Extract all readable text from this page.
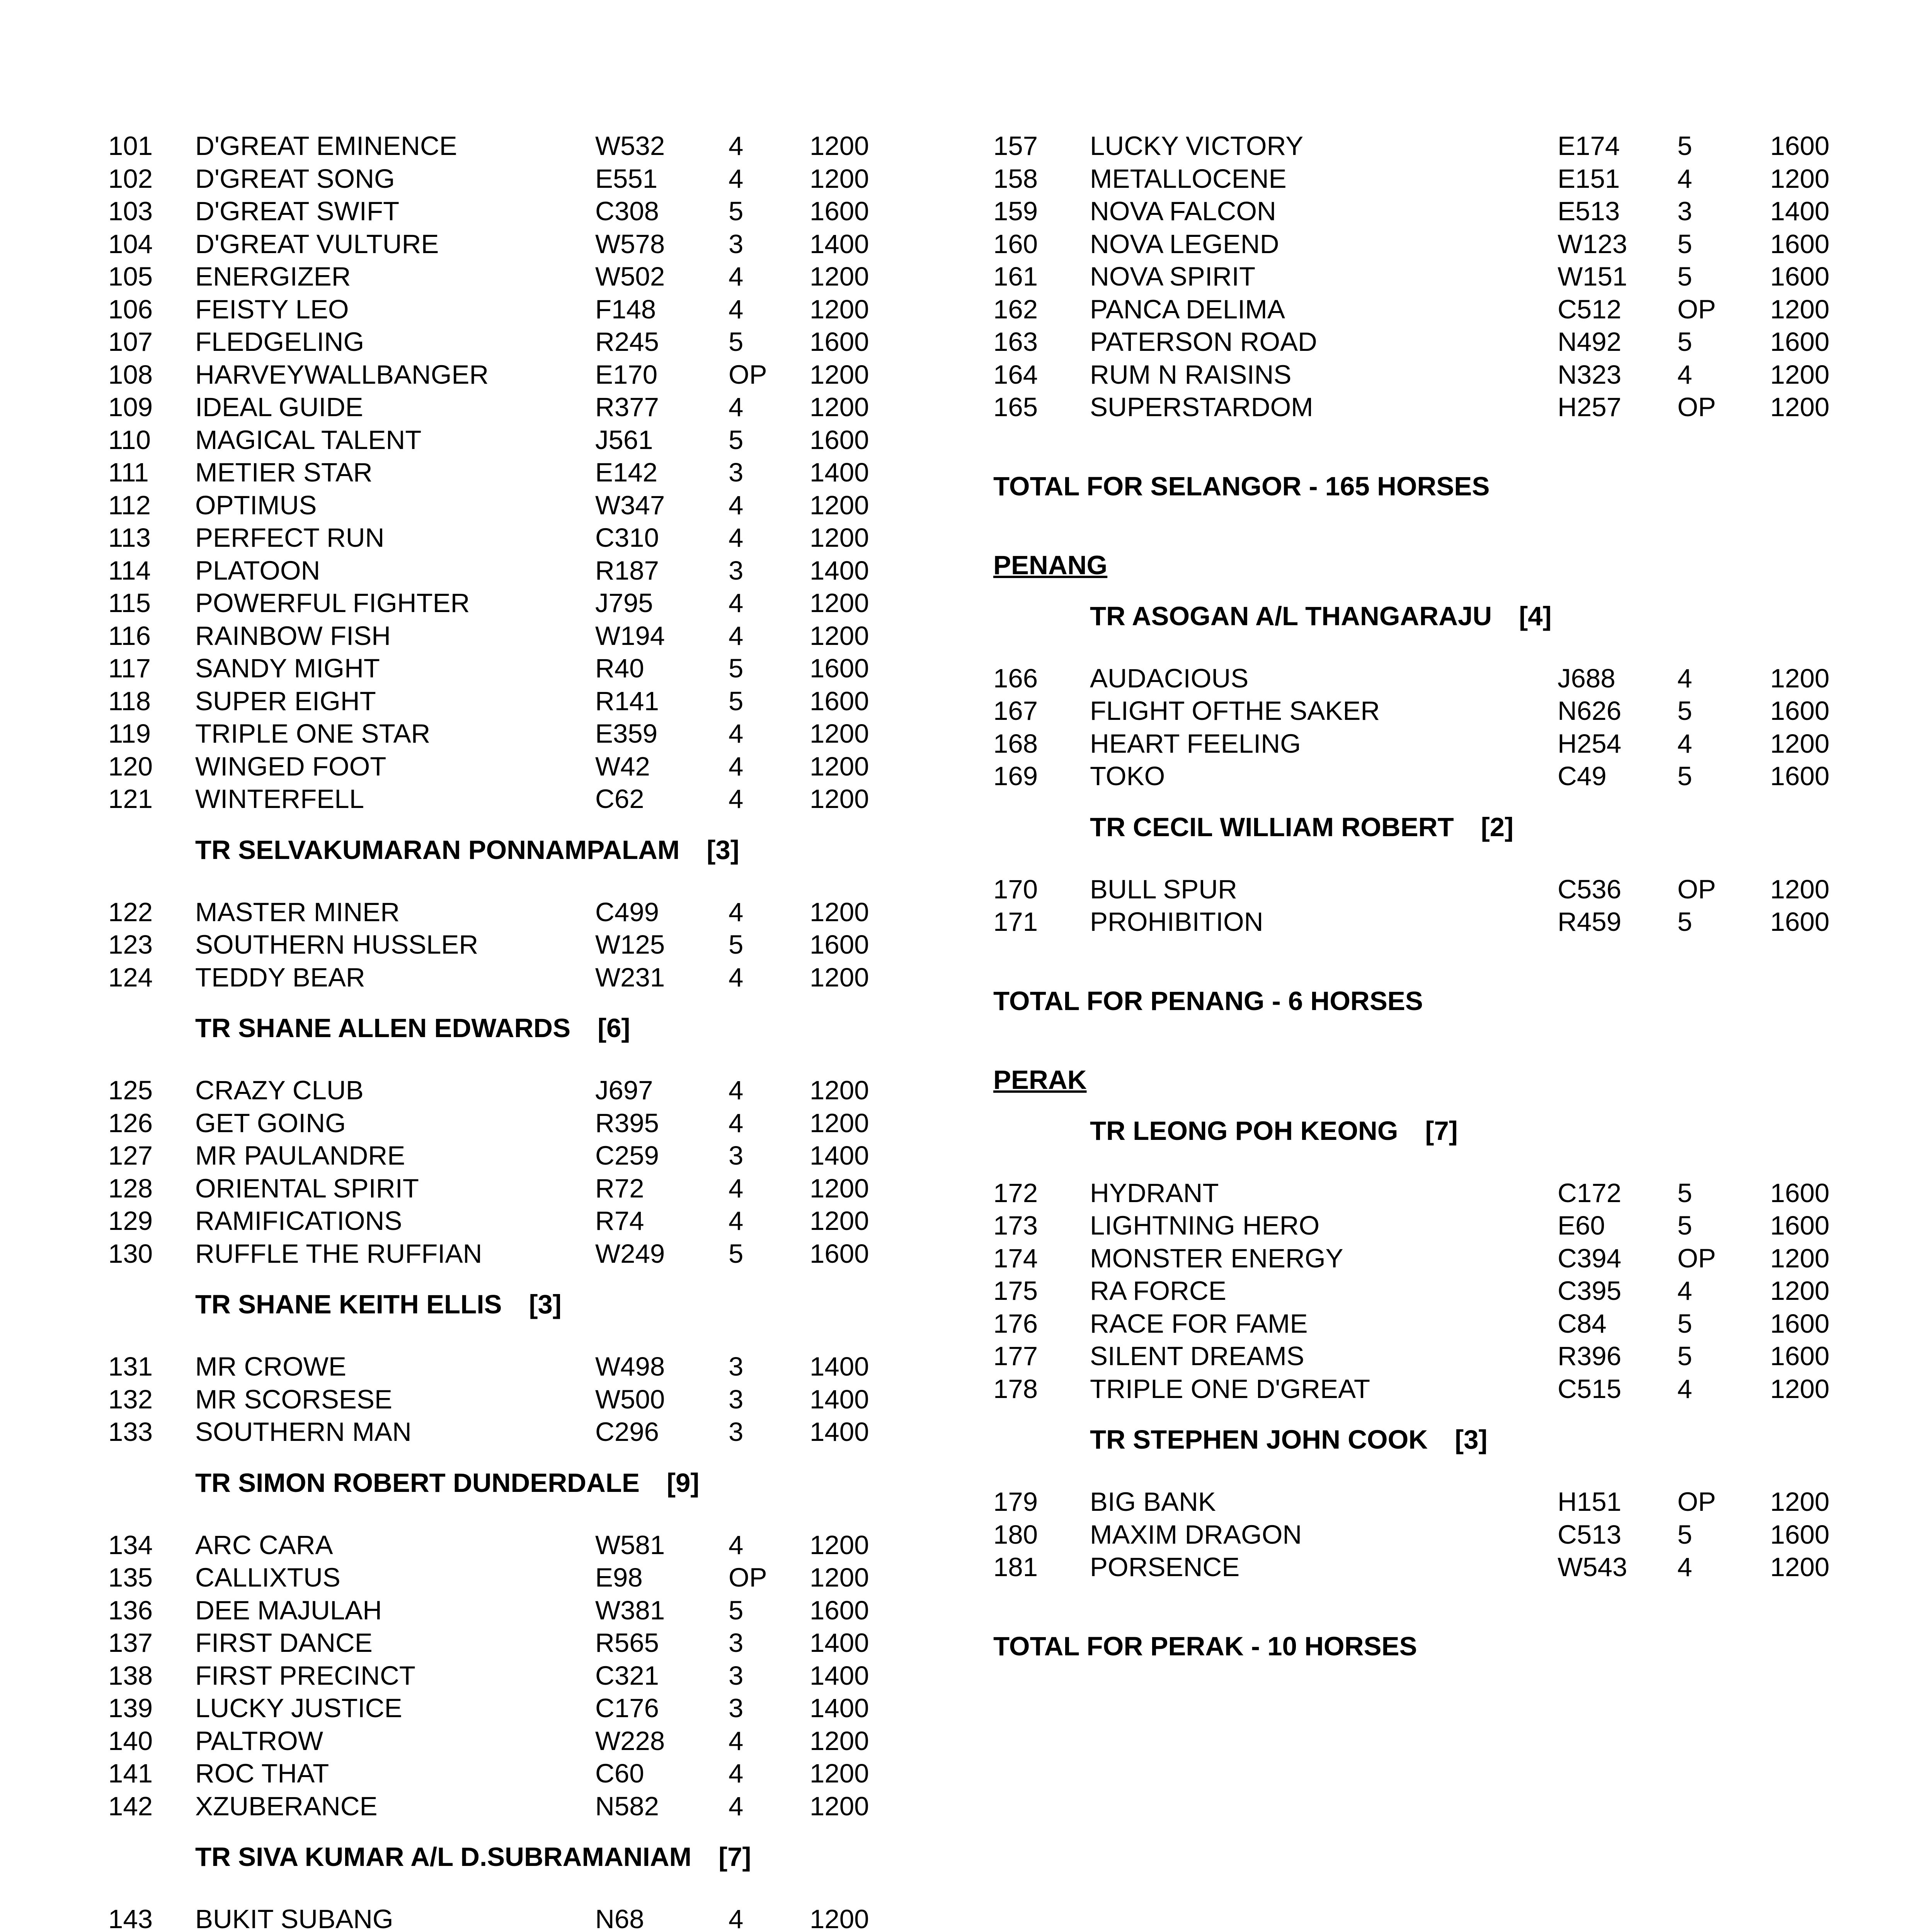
101 D'GREAT EMINENCE	W532 4 1200
102 D'GREAT SONG	E551	4 1200
103 D'GREAT SWIFT	C308	5 1600
104 D'GREAT VULTURE	W578 3 1400
105 ENERGIZER	W502 4 1200
106 FEISTY LEO	F148	4 1200
107 FLEDGELING	R245	5 1600
108 HARVEYWALLBANGER	E170	OP 1200
109 IDEAL GUIDE	R377	4 1200
110 MAGICAL TALENT	J561	5 1600
111 METIER STAR	E142	3 1400
112 OPTIMUS	W347 4 1200
113 PERFECT RUN	C310	4 1200
114 PLATOON	R187	3 1400
115 POWERFUL FIGHTER	J795	4 1200
116 RAINBOW FISH	W194 4 1200
117 SANDY MIGHT	R40	5 1600
118 SUPER EIGHT	R141	5 1600
119 TRIPLE ONE STAR	E359	4 1200
120 WINGED FOOT	W42	4 1200
121 WINTERFELL	C62	4 1200
TR SELVAKUMARAN PONNAMPALAM [3]
122 MASTER MINER	C499	4 1200
123 SOUTHERN HUSSLER	W125 5 1600
124 TEDDY BEAR	W231 4 1200
TR SHANE ALLEN EDWARDS [6]
125 CRAZY CLUB	J697	4 1200
126 GET GOING	R395	4 1200
127 MR PAULANDRE	C259	3 1400
128 ORIENTAL SPIRIT	R72	4 1200
129 RAMIFICATIONS	R74	4 1200
130 RUFFLE THE RUFFIAN	W249 5 1600
TR SHANE KEITH ELLIS [3]
131 MR CROWE	W498 3 1400
132 MR SCORSESE	W500 3 1400
133 SOUTHERN MAN	C296	3 1400
TR SIMON ROBERT DUNDERDALE [9]
134 ARC CARA	W581 4 1200
135 CALLIXTUS	E98	OP 1200
136 DEE MAJULAH	W381 5 1600
137 FIRST DANCE	R565	3 1400
138 FIRST PRECINCT	C321	3 1400
139 LUCKY JUSTICE	C176	3 1400
140 PALTROW	W228 4 1200
141 ROC THAT	C60	4 1200
142 XZUBERANCE	N582	4 1200
TR SIVA KUMAR A/L D.SUBRAMANIAM [7]
143 BUKIT SUBANG	N68	4 1200
157 LUCKY VICTORY	E174 5	1600
158 METALLOCENE	E151 4	1200
159 NOVA FALCON	E513 3	1400
160 NOVA LEGEND	W123 5	1600
161 NOVA SPIRIT	W151 5	1600
162 PANCA DELIMA	C512 OP 1200
163 PATERSON ROAD	N492 5	1600
164 RUM N RAISINS	N323 4	1200
165 SUPERSTARDOM	H257 OP 1200
TOTAL FOR SELANGOR - 165 HORSES
PENANG
TR ASOGAN A/L THANGARAJU [4]
166 AUDACIOUS	J688 4	1200
167 FLIGHT OFTHE SAKER	N626 5	1600
168 HEART FEELING	H254 4	1200
169 TOKO	C49	5	1600
TR CECIL WILLIAM ROBERT [2]
170 BULL SPUR	C536 OP 1200
171 PROHIBITION	R459 5	1600
TOTAL FOR PENANG - 6 HORSES
PERAK
TR LEONG POH KEONG [7]
172 HYDRANT	C172 5	1600
173 LIGHTNING HERO	E60	5	1600
174 MONSTER ENERGY	C394 OP 1200
175 RA FORCE	C395 4	1200
176 RACE FOR FAME	C84	5	1600
177 SILENT DREAMS	R396 5	1600
178 TRIPLE ONE D'GREAT	C515 4	1200
TR STEPHEN JOHN COOK [3]
179 BIG BANK	H151 OP 1200
180 MAXIM DRAGON	C513 5	1600
181 PORSENCE	W543 4	1200
TOTAL FOR PERAK - 10 HORSES
